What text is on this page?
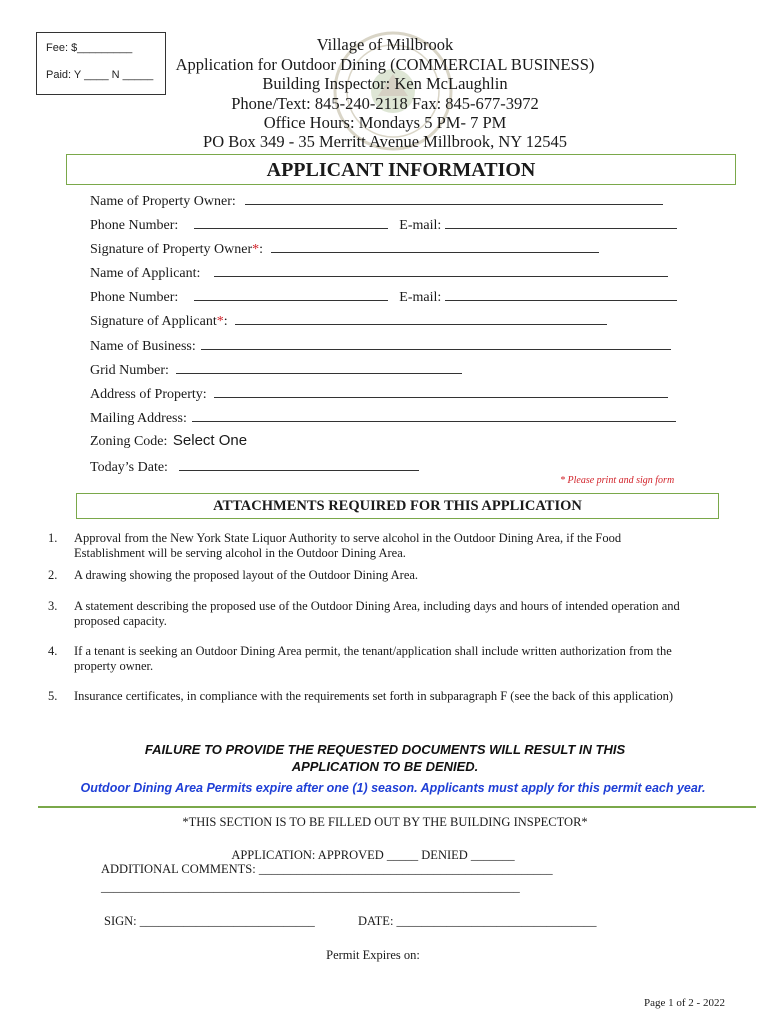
Fee: $_________
Paid: Y ____ N _____
Village of Millbrook
Application for Outdoor Dining (COMMERCIAL BUSINESS)
Building Inspector: Ken McLaughlin
Phone/Text: 845-240-2118 Fax: 845-677-3972
Office Hours: Mondays 5 PM- 7 PM
PO Box 349 - 35 Merritt Avenue Millbrook, NY 12545
APPLICANT INFORMATION
Name of Property Owner:
Phone Number:	E-mail:
Signature of Property Owner*:
Name of Applicant:
Phone Number:	E-mail:
Signature of Applicant*:
Name of Business:
Grid Number:
Address of Property:
Mailing Address:
Zoning Code: Select One
Today’s Date:
* Please print and sign form
ATTACHMENTS REQUIRED FOR THIS APPLICATION
1.	Approval from the New York State Liquor Authority to serve alcohol in the Outdoor Dining Area, if the Food Establishment will be serving alcohol in the Outdoor Dining Area.
2.	A drawing showing the proposed layout of the Outdoor Dining Area.
3.	A statement describing the proposed use of the Outdoor Dining Area, including days and hours of intended operation and proposed capacity.
4.	If a tenant is seeking an Outdoor Dining Area permit, the tenant/application shall include written authorization from the property owner.
5.	Insurance certificates, in compliance with the requirements set forth in subparagraph F (see the back of this application)
FAILURE TO PROVIDE THE REQUESTED DOCUMENTS WILL RESULT IN THIS
APPLICATION TO BE DENIED.
Outdoor Dining Area Permits expire after one (1) season. Applicants must apply for this permit each year.
*THIS SECTION IS TO BE FILLED OUT BY THE BUILDING INSPECTOR*
APPLICATION: APPROVED _____ DENIED _______
ADDITIONAL COMMENTS: _______________________________________________
___________________________________________________________________
SIGN: ____________________________	DATE: ________________________________
Permit Expires on:
Page 1 of 2 - 2022
